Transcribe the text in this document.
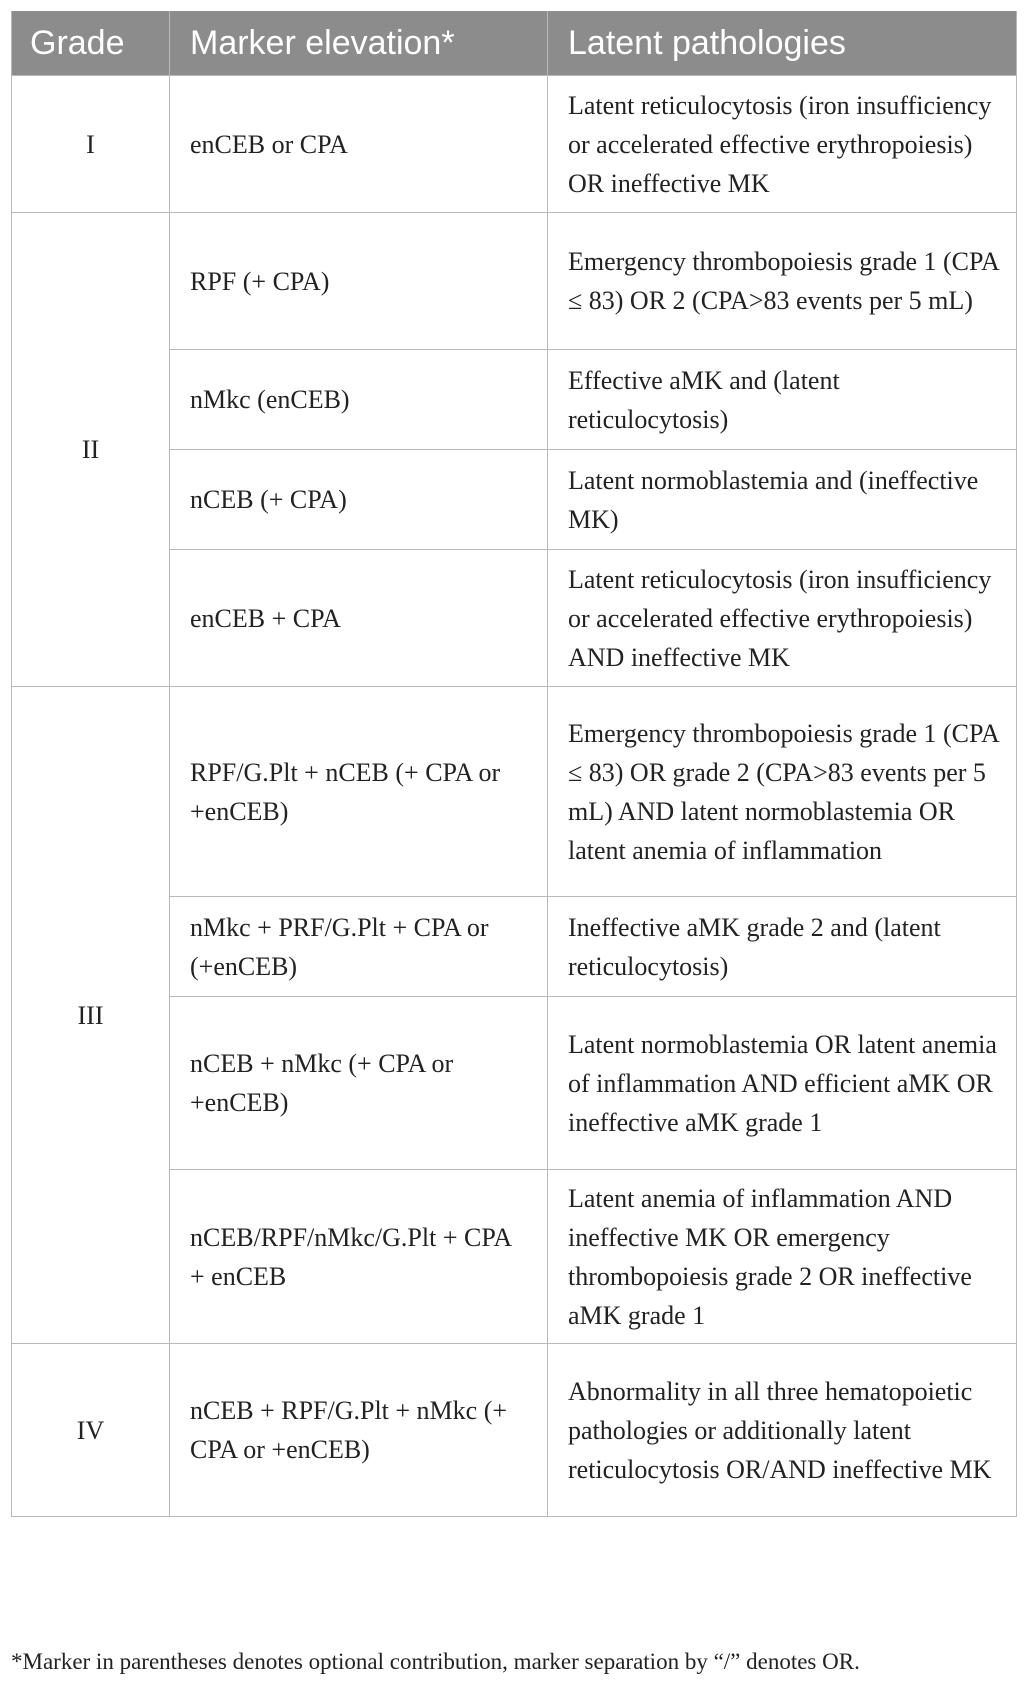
Grade	Marker elevation*	Latent pathologies
I	enCEB or CPA	Latent reticulocytosis (iron insufficiency or accelerated effective erythropoiesis) OR ineffective MK
II	RPF (+ CPA)	Emergency thrombopoiesis grade 1 (CPA ≤ 83) OR 2 (CPA>83 events per 5 mL)
	nMkc (enCEB)	Effective aMK and (latent reticulocytosis)
	nCEB (+ CPA)	Latent normoblastemia and (ineffective MK)
	enCEB + CPA	Latent reticulocytosis (iron insufficiency or accelerated effective erythropoiesis) AND ineffective MK
III	RPF/G.Plt + nCEB (+ CPA or +enCEB)	Emergency thrombopoiesis grade 1 (CPA ≤ 83) OR grade 2 (CPA>83 events per 5 mL) AND latent normoblastemia OR latent anemia of inflammation
	nMkc + PRF/G.Plt + CPA or (+enCEB)	Ineffective aMK grade 2 and (latent reticulocytosis)
	nCEB + nMkc (+ CPA or +enCEB)	Latent normoblastemia OR latent anemia of inflammation AND efficient aMK OR ineffective aMK grade 1
	nCEB/RPF/nMkc/G.Plt + CPA + enCEB	Latent anemia of inflammation AND ineffective MK OR emergency thrombopoiesis grade 2 OR ineffective aMK grade 1
IV	nCEB + RPF/G.Plt + nMkc (+ CPA or +enCEB)	Abnormality in all three hematopoietic pathologies or additionally latent reticulocytosis OR/AND ineffective MK
*Marker in parentheses denotes optional contribution, marker separation by “/” denotes OR.
